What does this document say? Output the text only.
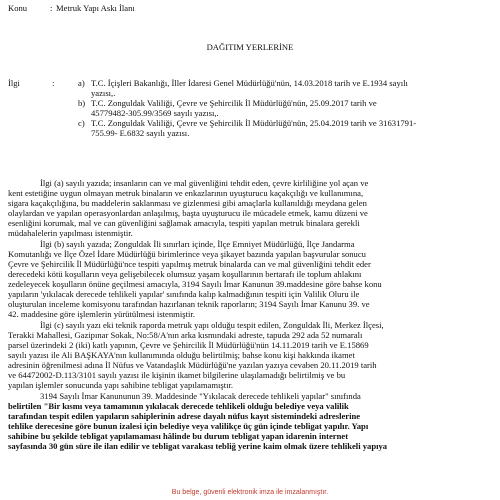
Konu	: Metruk Yapı Askı İlanı
DAĞITIM YERLERİNE
İlgi	:	a) T.C. İçişleri Bakanlığı, İller İdaresi Genel Müdürlüğü'nün, 14.03.2018 tarih ve E.1934 sayılı
yazısı,.
b) T.C. Zonguldak Valiliği, Çevre ve Şehircilik İl Müdürlüğü'nün, 25.09.2017 tarih ve
45779482-305.99/3569 sayılı yazısı,.
c) T.C. Zonguldak Valiliği, Çevre ve Şehircilik İl Müdürlüğü'nün, 25.04.2019 tarih ve 31631791-
755.99- E.6832 sayılı yazısı.
İlgi (a) sayılı yazıda; insanların can ve mal güvenliğini tehdit eden, çevre kirliliğine yol açan ve
kent estetiğine uygun olmayan metruk binaların ve enkazlarının uyuşturucu kaçakçılığı ve kullanımına,
sigara kaçakçılığına, bu maddelerin saklanması ve gizlenmesi gibi amaçlarla kullanıldığı meydana gelen
olaylardan ve yapılan operasyonlardan anlaşılmış, başta uyuşturucu ile mücadele etmek, kamu düzeni ve
esenliğini korumak, mal ve can güvenliğini sağlamak amacıyla, tespiti yapılan metruk binalara gerekli
müdahalelerin yapılması istenmiştir.
İlgi (b) sayılı yazıda; Zonguldak İli sınırları içinde, İlçe Emniyet Müdürlüğü, İlçe Jandarma
Komutanlığı ve İlçe Özel İdare Müdürlüğü birimlerince veya şikayet bazında yapılan başvurular sonucu
Çevre ve Şehircilik İl Müdürlüğü'nce tespiti yapılmış metruk binalarda can ve mal güvenliğini tehdit eder
derecedeki kötü koşulların veya gelişebilecek olumsuz yaşam koşullarının bertarafı ile toplum ahlakını
zedeleyecek koşulların önüne geçilmesi amacıyla, 3194 Sayılı İmar Kanunun 39.maddesine göre bahse konu
yapıların 'yıkılacak derecede tehlikeli yapılar' sınıfında kalıp kalmadığının tespiti için Valilik Oluru ile
oluşturulan inceleme komisyonu tarafından hazırlanan teknik raporların; 3194 Sayılı İmar Kanunu 39. ve
42. maddesine göre işlemlerin yürütülmesi istenmiştir.
İlgi (c) sayılı yazı eki teknik raporda metruk yapı olduğu tespit edilen, Zonguldak İli, Merkez İlçesi,
Terakki Mahallesi, Gazipınar Sokak, No:58/A'nın arka kısmındaki adreste, tapuda 292 ada 52 numaralı
parsel üzerindeki 2 (iki) katlı yapının, Çevre ve Şehircilik İl Müdürlüğü'nün 14.11.2019 tarih ve E.15869
sayılı yazısı ile Ali BAŞKAYA'nın kullanımında olduğu belirtilmiş; bahse konu kişi hakkında ikamet
adresinin öğrenilmesi adına İl Nüfus ve Vatandaşlık Müdürlüğü'ne yazılan yazıya cevaben 20.11.2019 tarih
ve 64472002-D.113/3101 sayılı yazısı ile kişinin ikamet bilgilerine ulaşılamadığı belirtilmiş ve bu
yapılan işlemler sonucunda yapı sahibine tebligat yapılamamıştır.
3194 Sayılı İmar Kanununun 39. Maddesinde "Yıkılacak derecede tehlikeli yapılar" sınıfında
belirtilen "Bir kısmı veya tamamının yıkılacak derecede tehlikeli olduğu belediye veya valilik
tarafından tespit edilen yapıların sahiplerinin adrese dayalı nüfus kayıt sistemindeki adreslerine
tehlike derecesine göre bunun izalesi için belediye veya valilikçe üç gün içinde tebligat yapılır. Yapı
sahibine bu şekilde tebligat yapılamaması hâlinde bu durum tebligat yapan idarenin internet
sayfasında 30 gün süre ile ilan edilir ve tebligat varakası tebliğ yerine kaim olmak üzere tehlikeli yapıya
Bu belge, güvenli elektronik imza ile imzalanmıştır.
